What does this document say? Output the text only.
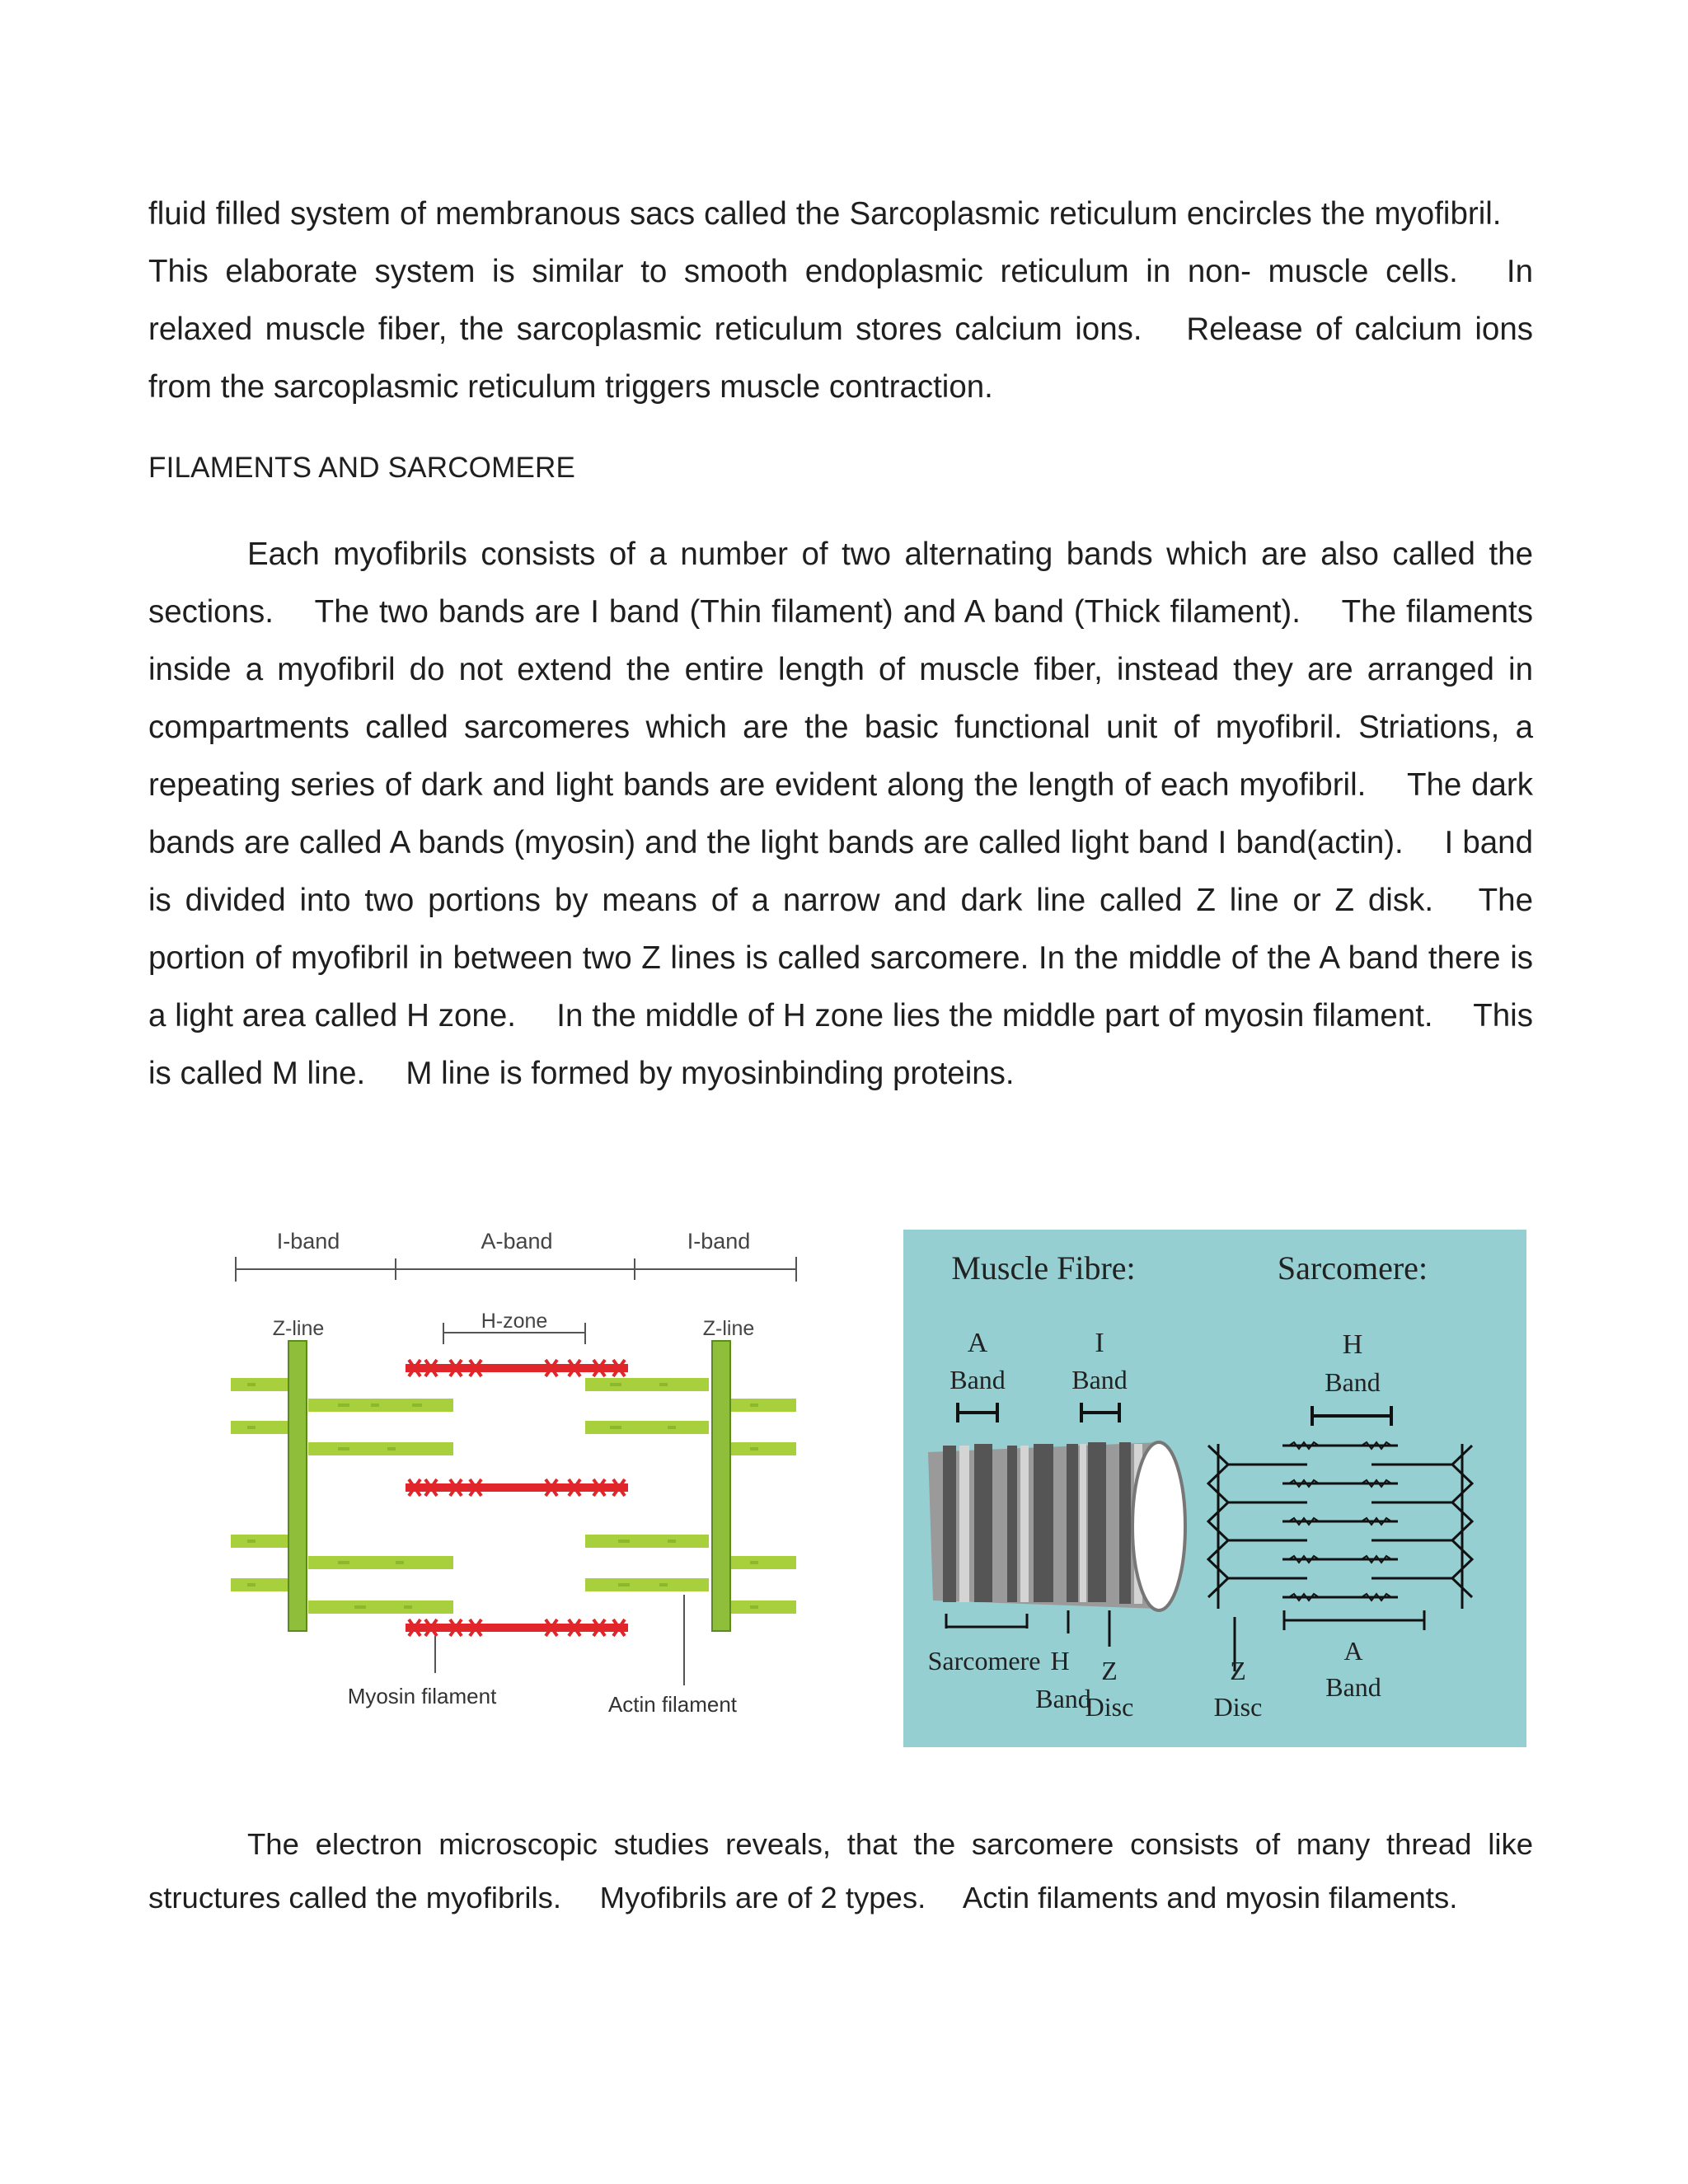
fluid filled system of membranous sacs called the Sarcoplasmic reticulum encircles the myofibril.  This elaborate system is similar to smooth endoplasmic reticulum in non- muscle cells.  In relaxed muscle fiber, the sarcoplasmic reticulum stores calcium ions.  Release of calcium ions from the sarcoplasmic reticulum triggers muscle contraction.

FILAMENTS AND SARCOMERE

Each myofibrils consists of a number of two alternating bands which are also called the sections.  The two bands are I band (Thin filament) and A band (Thick filament).  The filaments inside a myofibril do not extend the entire length of muscle fiber, instead they are arranged in compartments called sarcomeres which are the basic functional unit of myofibril. Striations, a repeating series of dark and light bands are evident along the length of each myofibril.  The dark bands are called A bands (myosin) and the light bands are called light band I band(actin).  I band is divided into two portions by means of a narrow and dark line called Z line or Z disk.  The portion of myofibril in between two Z lines is called sarcomere. In the middle of the A band there is a light area called H zone.  In the middle of H zone lies the middle part of myosin filament.  This is called M line.  M line is formed by myosinbinding proteins.

I-band	A-band	I-band
Z-line	H-zone	Z-line
Myosin filament	Actin filament
Muscle Fibre:	Sarcomere:
A
Band
I
Band
H
Band
Sarcomere H
Band
Z
Disc
Z
Disc
A
Band

The electron microscopic studies reveals, that the sarcomere consists of many thread like structures called the myofibrils.  Myofibrils are of 2 types.  Actin filaments and myosin filaments.
